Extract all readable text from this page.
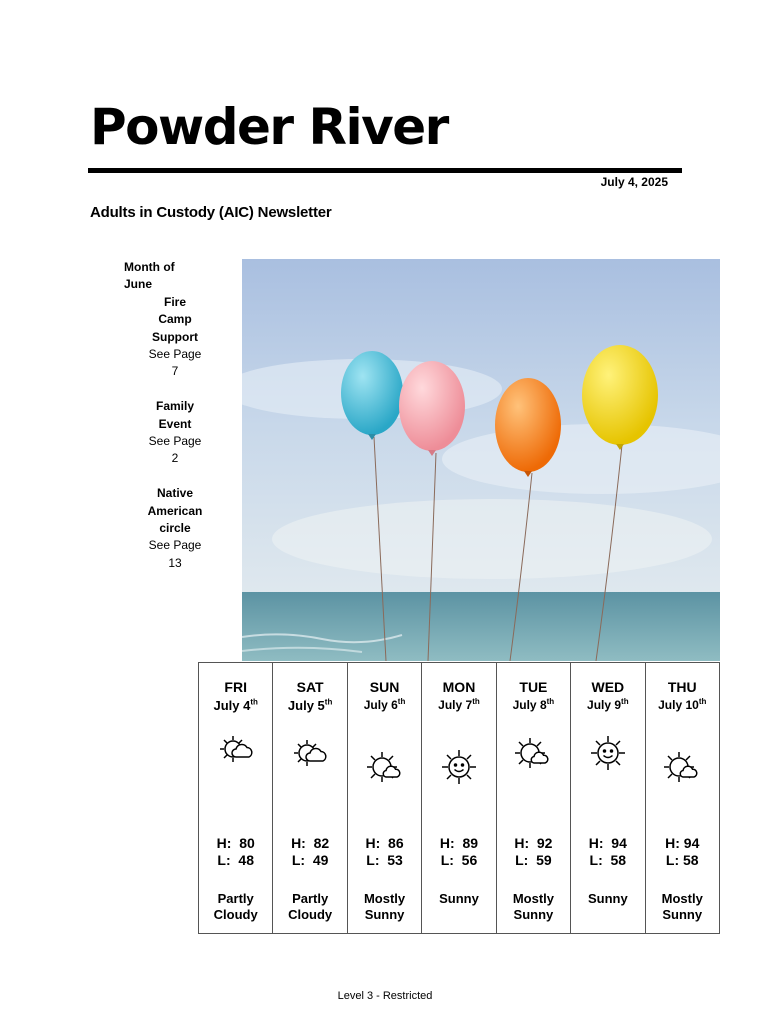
Powder River
July 4, 2025
Adults in Custody (AIC) Newsletter
Month of
June
Fire
Camp
Support
See Page
7
Family
Event
See Page
2
Native
American
circle
See Page
13
FRI
July 4th
H:  80
L:  48
Partly
Cloudy
SAT
July 5th
H:  82
L:  49
Partly
Cloudy
SUN
July 6th
H:  86
L:  53
Mostly
Sunny
MON
July 7th
H:  89
L:  56
Sunny
TUE
July 8th
H:  92
L:  59
Mostly
Sunny
WED
July 9th
H:  94
L:  58
Sunny
THU
July 10th
H: 94
L: 58
Mostly
Sunny
Level 3 - Restricted
